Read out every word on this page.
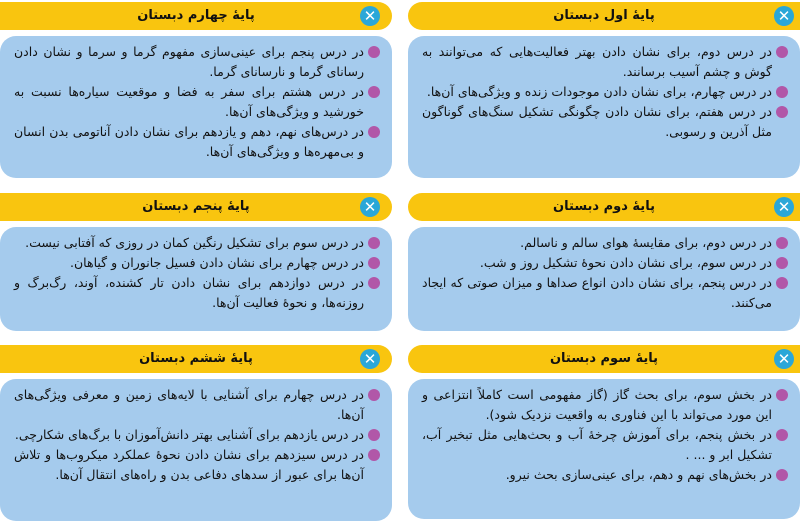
پایهٔ اول دبستان	✕
در درس دوم، برای نشان دادن بهتر فعالیت‌هایی که می‌توانند به گوش و چشم آسیب برسانند.
در درس چهارم، برای نشان دادن موجودات زنده و ویژگی‌های آن‌ها.
در درس هفتم، برای نشان دادن چگونگی تشکیل سنگ‌های گوناگون مثل آذرین و رسوبی.
پایهٔ چهارم دبستان	✕
در درس پنجم برای عینی‌سازی مفهوم گرما و سرما و نشان دادن رسانای گرما و نارسانای گرما.
در درس هشتم برای سفر به فضا و موقعیت سیاره‌ها نسبت به خورشید و ویژگی‌های آن‌ها.
در درس‌های نهم، دهم و یازدهم برای نشان دادن آناتومی بدن انسان و بی‌مهره‌ها و ویژگی‌های آن‌ها.
پایهٔ دوم دبستان	✕
در درس دوم، برای مقایسهٔ هوای سالم و ناسالم.
در درس سوم، برای نشان دادن نحوهٔ تشکیل روز و شب.
در درس پنجم، برای نشان دادن انواع صداها و میزان صوتی که ایجاد می‌کنند.
پایهٔ پنجم دبستان	✕
در درس سوم برای تشکیل رنگین کمان در روزی که آفتابی نیست.
در درس چهارم برای نشان دادن فسیل جانوران و گیاهان.
در درس دوازدهم برای نشان دادن تار کشنده، آوند، رگ‌برگ و روزنه‌ها، و نحوهٔ فعالیت آن‌ها.
پایهٔ سوم دبستان	✕
در بخش سوم، برای بحث گاز (گاز مفهومی است کاملاً انتزاعی و این مورد می‌تواند با این فناوری به واقعیت نزدیک شود).
در بخش پنجم، برای آموزش چرخهٔ آب و بحث‌هایی مثل تبخیر آب، تشکیل ابر و ... .
در بخش‌های نهم و دهم، برای عینی‌سازی بحث نیرو.
پایهٔ ششم دبستان	✕
در درس چهارم برای آشنایی با لایه‌های زمین و معرفی ویژگی‌های آن‌ها.
در درس یازدهم برای آشنایی بهتر دانش‌آموزان با برگ‌های شکارچی.
در درس سیزدهم برای نشان دادن نحوهٔ عملکرد میکروب‌ها و تلاش آن‌ها برای عبور از سدهای دفاعی بدن و راه‌های انتقال آن‌ها.
